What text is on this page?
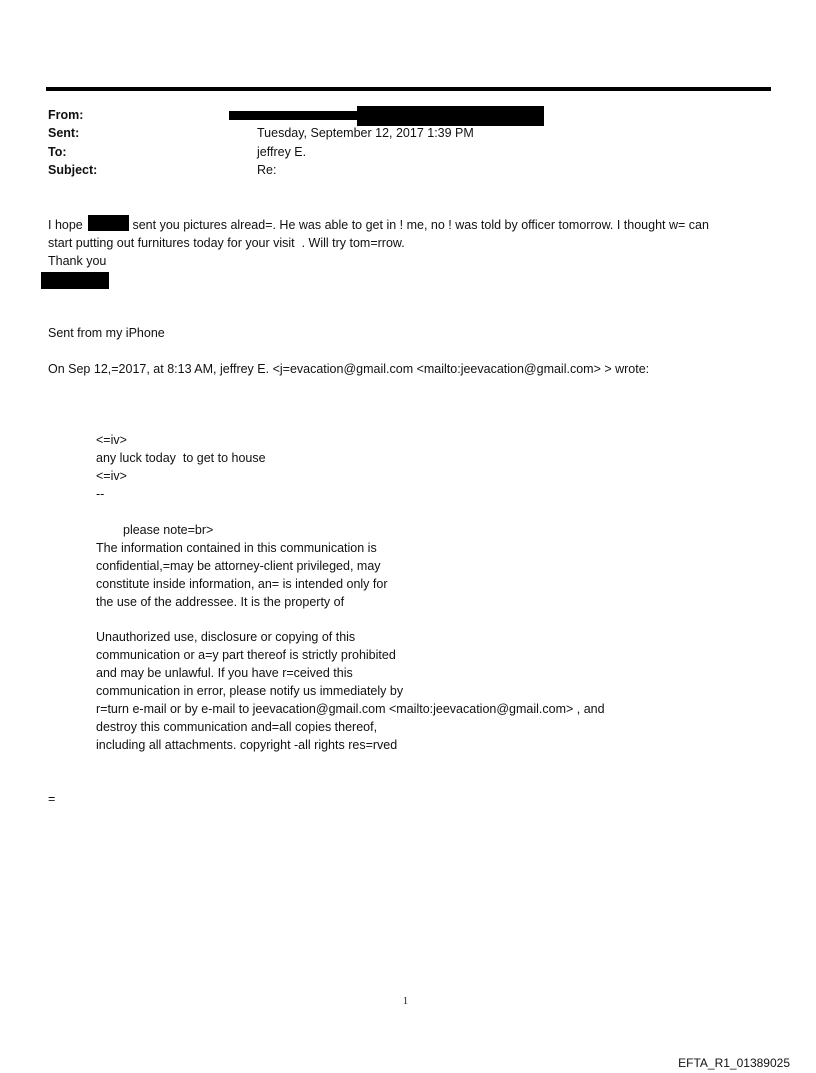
From:
Sent:
To:
Subject:
Tuesday, September 12, 2017 1:39 PM
jeffrey E.
Re:
I hope	sent you pictures alread=. He was able to get in ! me, no ! was told by officer tomorrow. I thought w= can
start putting out furnitures today for your visit  . Will try tom=rrow.
Thank you
Sent from my iPhone
On Sep 12,=2017, at 8:13 AM, jeffrey E. <j=evacation@gmail.com <mailto:jeevacation@gmail.com> > wrote:
<=iv>
any luck today  to get to house
<=iv>
--
please note=br>
The information contained in this communication is
confidential,=may be attorney-client privileged, may
constitute inside information, an= is intended only for
the use of the addressee. It is the property of
Unauthorized use, disclosure or copying of this
communication or a=y part thereof is strictly prohibited
and may be unlawful. If you have r=ceived this
communication in error, please notify us immediately by
r=turn e-mail or by e-mail to jeevacation@gmail.com <mailto:jeevacation@gmail.com> , and
destroy this communication and=all copies thereof,
including all attachments. copyright -all rights res=rved
=
1
EFTA_R1_01389025
